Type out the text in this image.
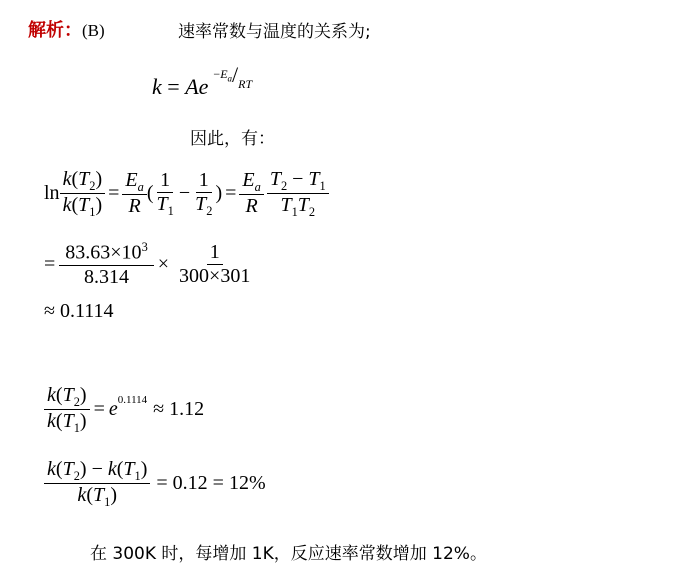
解析：(B)	速率常数与温度的关系为;
k = Ae $^{-E_a/RT}$
因此，有：
$\ln \frac{k(T_2)}{k(T_1)} = \frac{E_a}{R}$ ( $\frac{1}{T_1} - \frac{1}{T_2}$ ) = $\frac{E_a}{R} \frac{T_2 - T_1}{T_1T_2}$
= $\frac{83.63\times 10^3}{8.314} \times \frac{1}{300\times 301}$
≈ 0.1114
$\frac{k(T_2)}{k(T_1)} = e^{0.1114} \approx 1.12$
$\frac{k(T_2) - k(T_1)}{k(T_1)} = 0.12 = 12\%$
在 300K 时，每增加 1K，反应速率常数增加 12%。
